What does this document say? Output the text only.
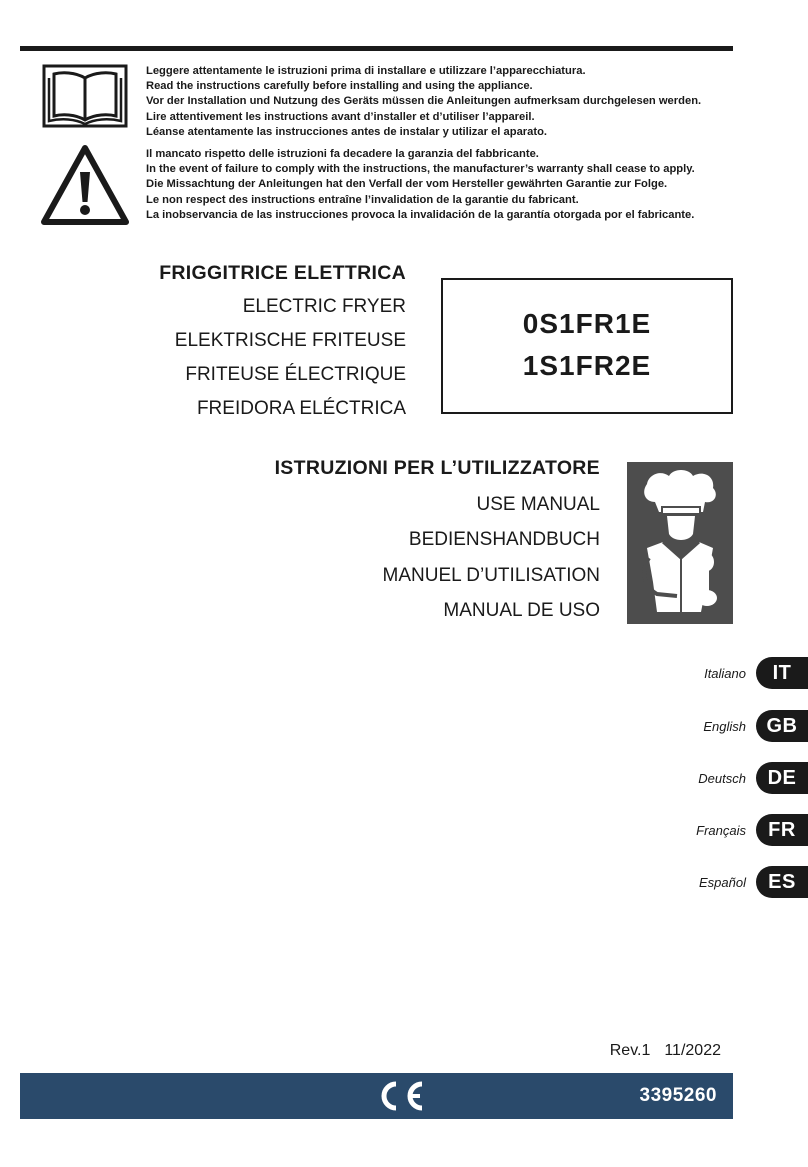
Leggere attentamente le istruzioni prima di installare e utilizzare l’apparecchiatura.
Read the instructions carefully before installing and using the appliance.
Vor der Installation und Nutzung des Geräts müssen die Anleitungen aufmerksam durchgelesen werden.
Lire attentivement les instructions avant d’installer et d’utiliser l’appareil.
Léanse atentamente las instrucciones antes de instalar y utilizar el aparato.
Il mancato rispetto delle istruzioni fa decadere la garanzia del fabbricante.
In the event of failure to comply with the instructions, the manufacturer’s warranty shall cease to apply.
Die Missachtung der Anleitungen hat den Verfall der vom Hersteller gewährten Garantie zur Folge.
Le non respect des instructions entraîne l’invalidation de la garantie du fabricant.
La inobservancia de las instrucciones provoca la invalidación de la garantía otorgada por el fabricante.
FRIGGITRICE ELETTRICA
ELECTRIC FRYER
ELEKTRISCHE FRITEUSE
FRITEUSE ÉLECTRIQUE
FREIDORA ELÉCTRICA
0S1FR1E
1S1FR2E
ISTRUZIONI PER L’UTILIZZATORE
USE MANUAL
BEDIENSHANDBUCH
MANUEL D’UTILISATION
MANUAL DE USO
Italiano	IT
English	GB
Deutsch	DE
Français	FR
Español	ES
Rev.1 11/2022
3395260
